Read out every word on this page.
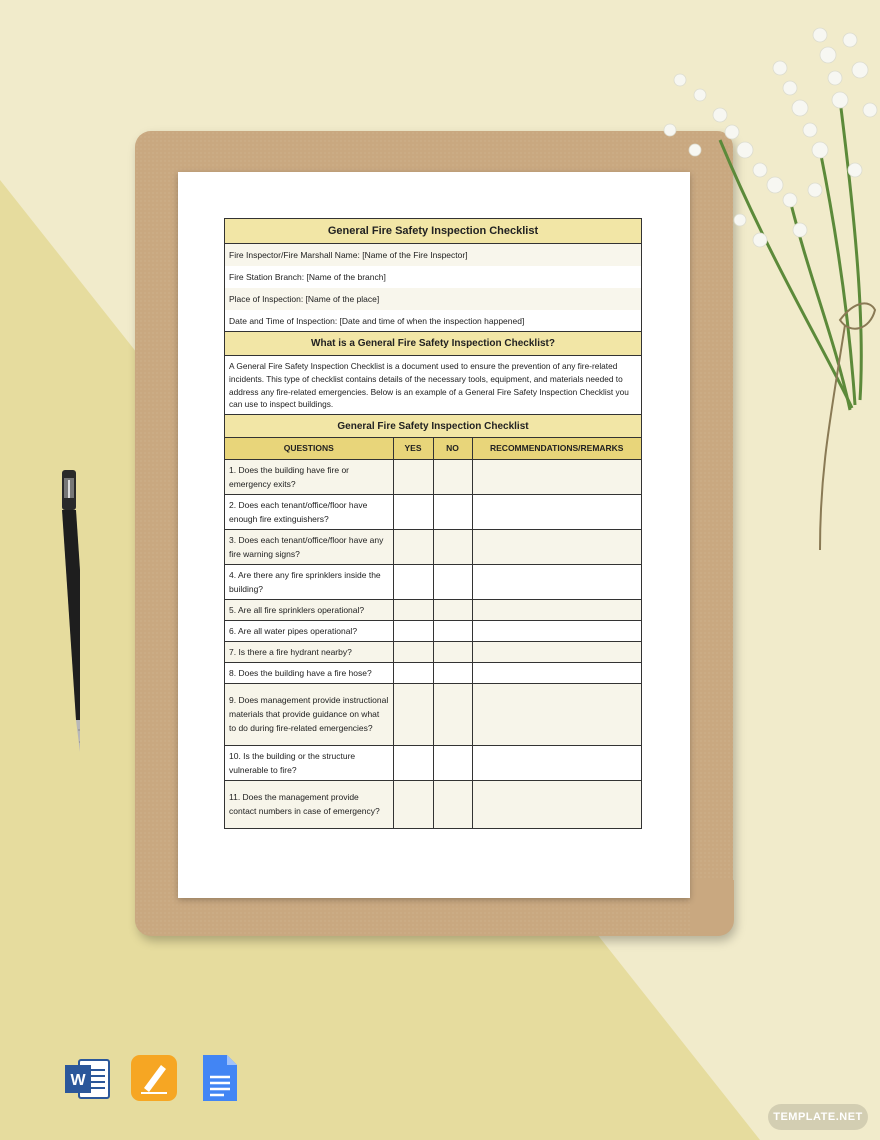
General Fire Safety Inspection Checklist
Fire Inspector/Fire Marshall Name: [Name of the Fire Inspector]
Fire Station Branch: [Name of the branch]
Place of Inspection: [Name of the place]
Date and Time of Inspection: [Date and time of when the inspection happened]
What is a General Fire Safety Inspection Checklist?
A General Fire Safety Inspection Checklist is a document used to ensure the prevention of any fire-related incidents. This type of checklist contains details of the necessary tools, equipment, and materials needed to address any fire-related emergencies. Below is an example of a General Fire Safety Inspection Checklist you can use to inspect buildings.
General Fire Safety Inspection Checklist
QUESTIONS	YES	NO	RECOMMENDATIONS/REMARKS
1. Does the building have fire or emergency exits?			
2. Does each tenant/office/floor have enough fire extinguishers?			
3. Does each tenant/office/floor have any fire warning signs?			
4. Are there any fire sprinklers inside the building?			
5. Are all fire sprinklers operational?			
6. Are all water pipes operational?			
7. Is there a fire hydrant nearby?			
8. Does the building have a fire hose?			
9. Does management provide instructional materials that provide guidance on what to do during fire-related emergencies?			
10. Is the building or the structure vulnerable to fire?			
11. Does the management provide contact numbers in case of emergency?			
W
TEMPLATE.NET
